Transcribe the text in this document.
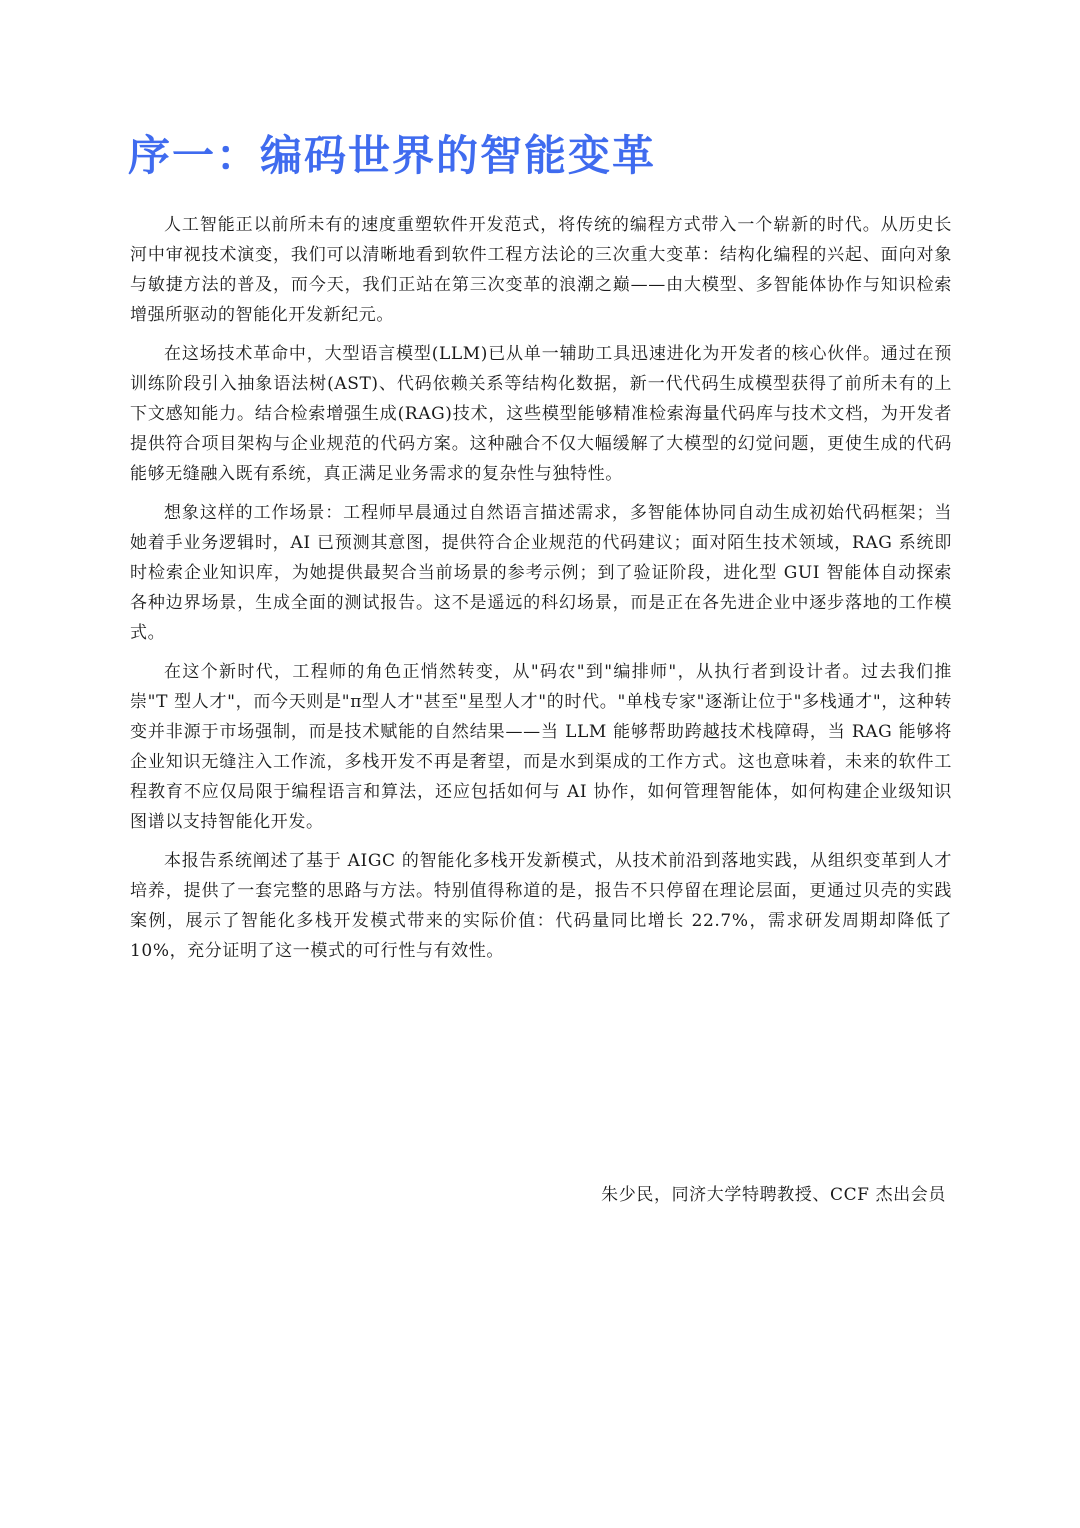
序一：编码世界的智能变革

人工智能正以前所未有的速度重塑软件开发范式，将传统的编程方式带入一个崭新的时代。从历史长河中审视技术演变，我们可以清晰地看到软件工程方法论的三次重大变革：结构化编程的兴起、面向对象与敏捷方法的普及，而今天，我们正站在第三次变革的浪潮之巅——由大模型、多智能体协作与知识检索增强所驱动的智能化开发新纪元。

在这场技术革命中，大型语言模型(LLM)已从单一辅助工具迅速进化为开发者的核心伙伴。通过在预训练阶段引入抽象语法树(AST)、代码依赖关系等结构化数据，新一代代码生成模型获得了前所未有的上下文感知能力。结合检索增强生成(RAG)技术，这些模型能够精准检索海量代码库与技术文档，为开发者提供符合项目架构与企业规范的代码方案。这种融合不仅大幅缓解了大模型的幻觉问题，更使生成的代码能够无缝融入既有系统，真正满足业务需求的复杂性与独特性。

想象这样的工作场景：工程师早晨通过自然语言描述需求，多智能体协同自动生成初始代码框架；当她着手业务逻辑时，AI 已预测其意图，提供符合企业规范的代码建议；面对陌生技术领域，RAG 系统即时检索企业知识库，为她提供最契合当前场景的参考示例；到了验证阶段，进化型 GUI 智能体自动探索各种边界场景，生成全面的测试报告。这不是遥远的科幻场景，而是正在各先进企业中逐步落地的工作模式。

在这个新时代，工程师的角色正悄然转变，从"码农"到"编排师"，从执行者到设计者。过去我们推崇"T 型人才"，而今天则是"π型人才"甚至"星型人才"的时代。"单栈专家"逐渐让位于"多栈通才"，这种转变并非源于市场强制，而是技术赋能的自然结果——当 LLM 能够帮助跨越技术栈障碍，当 RAG 能够将企业知识无缝注入工作流，多栈开发不再是奢望，而是水到渠成的工作方式。这也意味着，未来的软件工程教育不应仅局限于编程语言和算法，还应包括如何与 AI 协作，如何管理智能体，如何构建企业级知识图谱以支持智能化开发。

本报告系统阐述了基于 AIGC 的智能化多栈开发新模式，从技术前沿到落地实践，从组织变革到人才培养，提供了一套完整的思路与方法。特别值得称道的是，报告不只停留在理论层面，更通过贝壳的实践案例，展示了智能化多栈开发模式带来的实际价值：代码量同比增长 22.7%，需求研发周期却降低了 10%，充分证明了这一模式的可行性与有效性。

朱少民，同济大学特聘教授、CCF 杰出会员
